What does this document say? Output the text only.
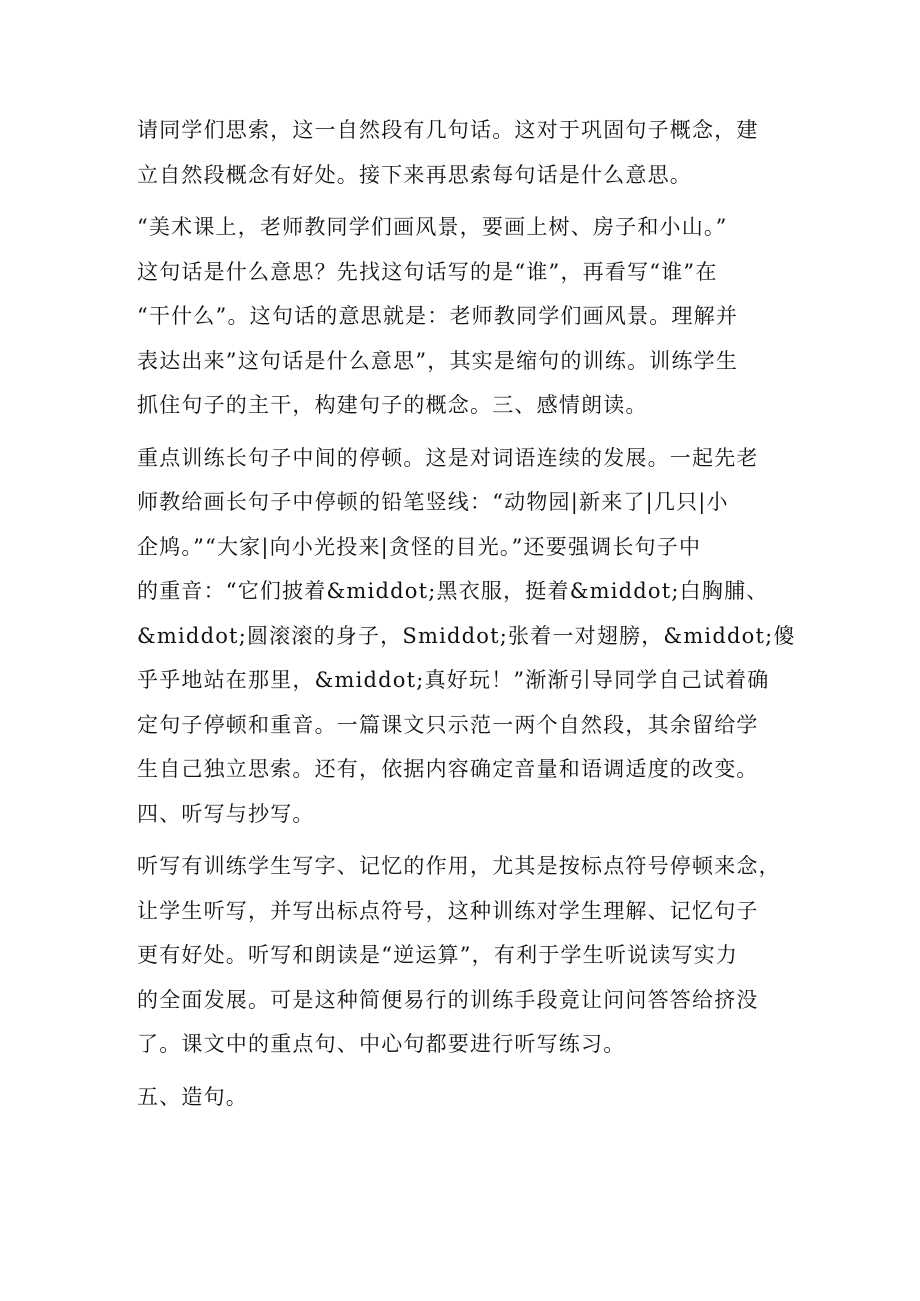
请同学们思索，这一自然段有几句话。这对于巩固句子概念，建
立自然段概念有好处。接下来再思索每句话是什么意思。
“美术课上，老师教同学们画风景，要画上树、房子和小山。”
这句话是什么意思？先找这句话写的是“谁”，再看写“谁”在
“干什么”。这句话的意思就是：老师教同学们画风景。理解并
表达出来”这句话是什么意思”，其实是缩句的训练。训练学生
抓住句子的主干，构建句子的概念。三、感情朗读。
重点训练长句子中间的停顿。这是对词语连续的发展。一起先老
师教给画长句子中停顿的铅笔竖线：“动物园|新来了|几只|小
企鸠。”“大家|向小光投来|贪怪的目光。”还要强调长句子中
的重音：“它们披着&middot;黑衣服，挺着&middot;白胸脯、
&middot;圆滚滚的身子，Smiddot;张着一对翅膀，&middot;傻
乎乎地站在那里，&middot;真好玩！”渐渐引导同学自己试着确
定句子停顿和重音。一篇课文只示范一两个自然段，其余留给学
生自己独立思索。还有，依据内容确定音量和语调适度的改变。
四、听写与抄写。
听写有训练学生写字、记忆的作用，尤其是按标点符号停顿来念，
让学生听写，并写出标点符号，这种训练对学生理解、记忆句子
更有好处。听写和朗读是“逆运算”，有利于学生听说读写实力
的全面发展。可是这种简便易行的训练手段竟让问问答答给挤没
了。课文中的重点句、中心句都要进行听写练习。
五、造句。
